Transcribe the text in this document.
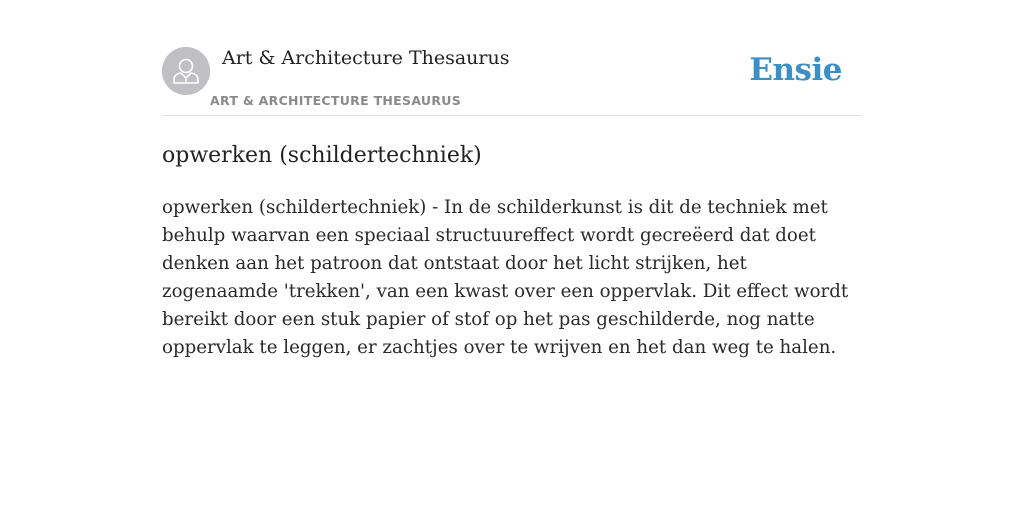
Art & Architecture Thesaurus
ART & ARCHITECTURE THESAURUS
Ensie
opwerken (schildertechniek)

opwerken (schildertechniek) - In de schilderkunst is dit de techniek met behulp waarvan een speciaal structuureffect wordt gecreëerd dat doet denken aan het patroon dat ontstaat door het licht strijken, het zogenaamde 'trekken', van een kwast over een oppervlak. Dit effect wordt bereikt door een stuk papier of stof op het pas geschilderde, nog natte oppervlak te leggen, er zachtjes over te wrijven en het dan weg te halen.
